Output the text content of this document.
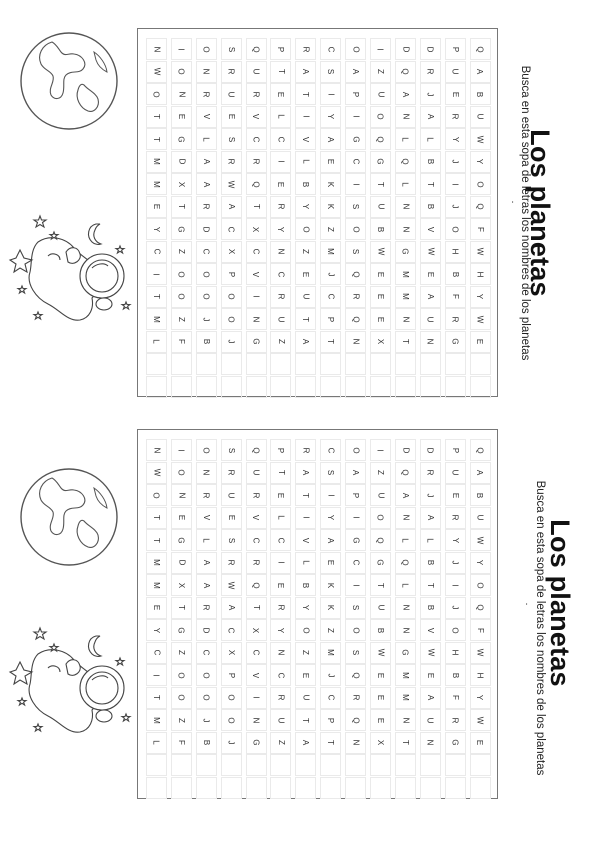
Los planetas
Busca en esta sopa de letras los nombres de los planetas
.
N I O S Q P R C O I D D P Q
W O N R U T A S A Z Q R U A
O N R U R E T I P U A J E B
T E V E V L I Y I O N A R U
T G L S C C V A G Q L L Y W
M D A R R I L E C G Q B J Y
M X A W Q E B K I T L T I O
E T R A T R Y K S U N B J Q
Y G D C X Y O Z O B N V O F
C Z C X C N Z M S W G W H W
I O O P V C E J Q E M E B H
T O O O I R U C R E M A F Y
M Z J O N U T P Q E N U R W
L F B J G Z A T N X T N G E
Los planetas
Busca en esta sopa de letras los nombres de los planetas
.
N I O S Q P R C O I D D P Q
W O N R U T A S A Z Q R U A
O N R U R E T I P U A J E B
T E V E V L I Y I O N A R U
T G L S C C V A G Q L L Y W
M D A R R I L E C G Q B J Y
M X A W Q E B K I T L T I O
E T R A T R Y K S U N B J Q
Y G D C X Y O Z O B N V O F
C Z C X C N Z M S W G W H W
I O O P V C E J Q E M E B H
T O O O I R U C R E M A F Y
M Z J O N U T P Q E N U R W
L F B J G Z A T N X T N G E
